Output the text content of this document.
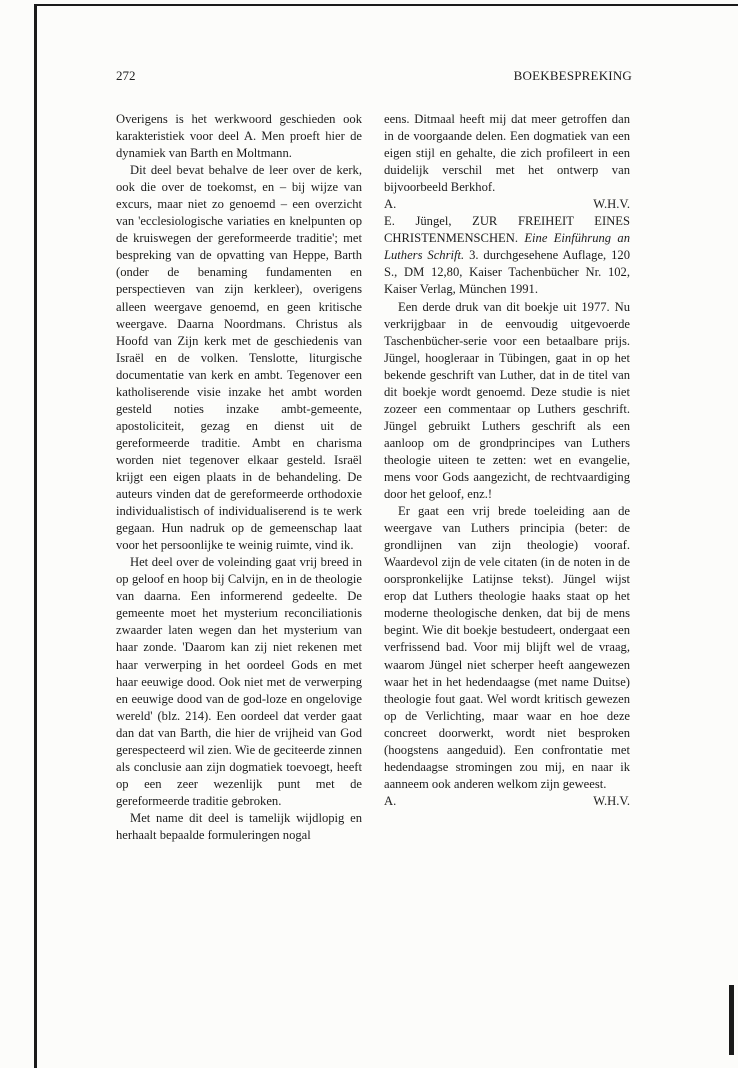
272	BOEKBESPREKING

Overigens is het werkwoord geschieden ook karakteristiek voor deel A. Men proeft hier de dynamiek van Barth en Moltmann.

Dit deel bevat behalve de leer over de kerk, ook die over de toekomst, en – bij wijze van excurs, maar niet zo genoemd – een overzicht van 'ecclesiologische variaties en knelpunten op de kruiswegen der gereformeerde traditie'; met bespreking van de opvatting van Heppe, Barth (onder de benaming fundamenten en perspectieven van zijn kerkleer), overigens alleen weergave genoemd, en geen kritische weergave. Daarna Noordmans. Christus als Hoofd van Zijn kerk met de geschiedenis van Israël en de volken. Tenslotte, liturgische documentatie van kerk en ambt. Tegenover een katholiserende visie inzake het ambt worden gesteld noties inzake ambt-gemeente, apostoliciteit, gezag en dienst uit de gereformeerde traditie. Ambt en charisma worden niet tegenover elkaar gesteld. Israël krijgt een eigen plaats in de behandeling. De auteurs vinden dat de gereformeerde orthodoxie individualistisch of individualiserend is te werk gegaan. Hun nadruk op de gemeenschap laat voor het persoonlijke te weinig ruimte, vind ik.

Het deel over de voleinding gaat vrij breed in op geloof en hoop bij Calvijn, en in de theologie van daarna. Een informerend gedeelte. De gemeente moet het mysterium reconciliationis zwaarder laten wegen dan het mysterium van haar zonde. 'Daarom kan zij niet rekenen met haar verwerping in het oordeel Gods en met haar eeuwige dood. Ook niet met de verwerping en eeuwige dood van de god-loze en ongelovige wereld' (blz. 214). Een oordeel dat verder gaat dan dat van Barth, die hier de vrijheid van God gerespecteerd wil zien. Wie de geciteerde zinnen als conclusie aan zijn dogmatiek toevoegt, heeft op een zeer wezenlijk punt met de gereformeerde traditie gebroken.

Met name dit deel is tamelijk wijdlopig en herhaalt bepaalde formuleringen nogal

eens. Ditmaal heeft mij dat meer getroffen dan in de voorgaande delen. Een dogmatiek van een eigen stijl en gehalte, die zich profileert in een duidelijk verschil met het ontwerp van bijvoorbeeld Berkhof.

A.	W.H.V.

E. Jüngel, ZUR FREIHEIT EINES CHRISTENMENSCHEN. Eine Einführung an Luthers Schrift. 3. durchgesehene Auflage, 120 S., DM 12,80, Kaiser Tachenbücher Nr. 102, Kaiser Verlag, München 1991.

Een derde druk van dit boekje uit 1977. Nu verkrijgbaar in de eenvoudig uitgevoerde Taschenbücher-serie voor een betaalbare prijs. Jüngel, hoogleraar in Tübingen, gaat in op het bekende geschrift van Luther, dat in de titel van dit boekje wordt genoemd. Deze studie is niet zozeer een commentaar op Luthers geschrift. Jüngel gebruikt Luthers geschrift als een aanloop om de grondprincipes van Luthers theologie uiteen te zetten: wet en evangelie, mens voor Gods aangezicht, de rechtvaardiging door het geloof, enz.!

Er gaat een vrij brede toeleiding aan de weergave van Luthers principia (beter: de grondlijnen van zijn theologie) vooraf. Waardevol zijn de vele citaten (in de noten in de oorspronkelijke Latijnse tekst). Jüngel wijst erop dat Luthers theologie haaks staat op het moderne theologische denken, dat bij de mens begint. Wie dit boekje bestudeert, ondergaat een verfrissend bad. Voor mij blijft wel de vraag, waarom Jüngel niet scherper heeft aangewezen waar het in het hedendaagse (met name Duitse) theologie fout gaat. Wel wordt kritisch gewezen op de Verlichting, maar waar en hoe deze concreet doorwerkt, wordt niet besproken (hoogstens aangeduid). Een confrontatie met hedendaagse stromingen zou mij, en naar ik aanneem ook anderen welkom zijn geweest.

A.	W.H.V.
